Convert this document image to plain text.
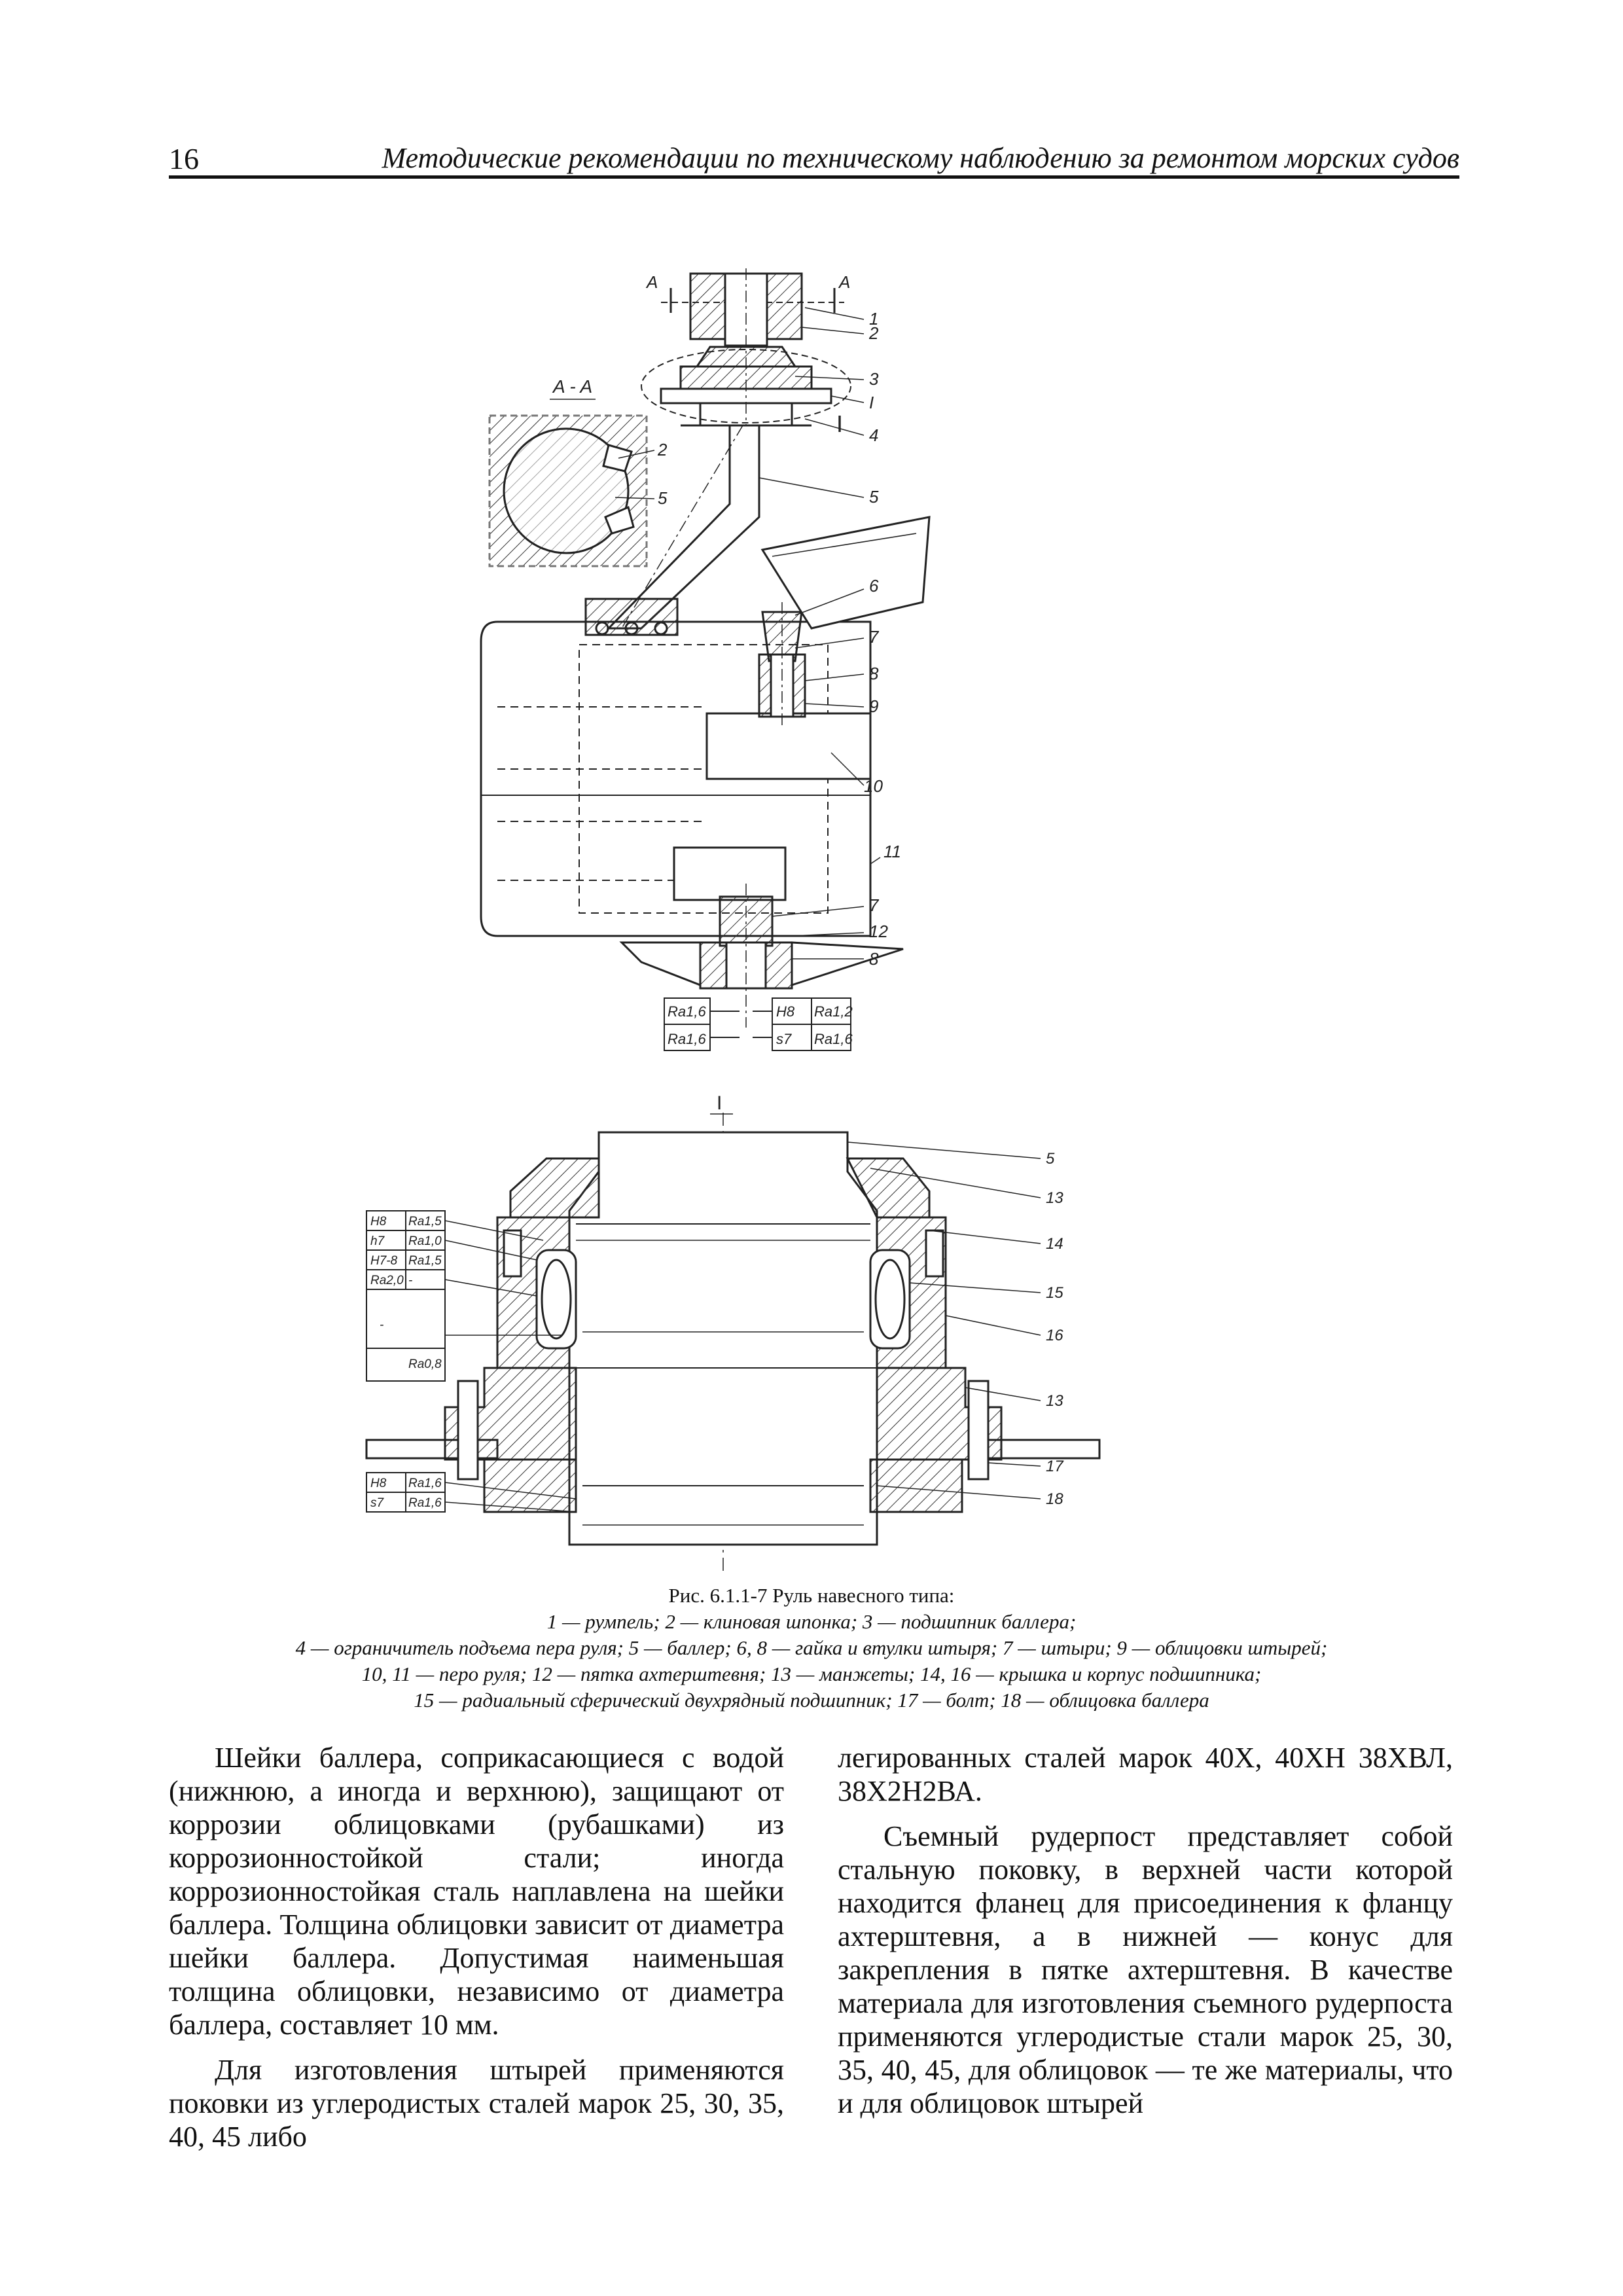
16	Методические рекомендации по техническому наблюдению за ремонтом морских судов
A	A
1
2
3
I
4
5
6
7
8
9
10
11
7
12
8
I
A - A
2
5
Ra1,6
Ra1,6
H8 Ra1,2
s7 Ra1,6
I
5
13
14
15
16
13
17
18
H8 Ra1,5
h7 Ra1,0
H7-8 Ra1,5
Ra2,0 -
-
Ra0,8
H8 Ra1,6
s7 Ra1,6
Рис. 6.1.1-7 Руль навесного типа:
1 — румпель; 2 — клиновая шпонка; 3 — подшипник баллера;
4 — ограничитель подъема пера руля; 5 — баллер; 6, 8 — гайка и втулки штыря; 7 — штыри; 9 — облицовки штырей;
10, 11 — перо руля; 12 — пятка ахтерштевня; 13 — манжеты; 14, 16 — крышка и корпус подшипника;
15 — радиальный сферический двухрядный подшипник; 17 — болт; 18 — облицовка баллера

Шейки баллера, соприкасающиеся с водой (нижнюю, а иногда и верхнюю), защищают от коррозии облицовками (рубашками) из коррозионностойкой стали; иногда коррозионностойкая сталь наплавлена на шейки баллера. Толщина облицовки зависит от диаметра шейки баллера. Допустимая наименьшая толщина облицовки, независимо от диаметра баллера, составляет 10 мм.

Для изготовления штырей применяются поковки из углеродистых сталей марок 25, 30, 35, 40, 45 либо

легированных сталей марок 40Х, 40ХН 38ХВЛ, 38Х2Н2ВА.

Съемный рудерпост представляет собой стальную поковку, в верхней части которой находится фланец для присоединения к фланцу ахтерштевня, а в нижней — конус для закрепления в пятке ахтерштевня. В качестве материала для изготовления съемного рудерпоста применяются углеродистые стали марок 25, 30, 35, 40, 45, для облицовок — те же материалы, что и для облицовок штырей
